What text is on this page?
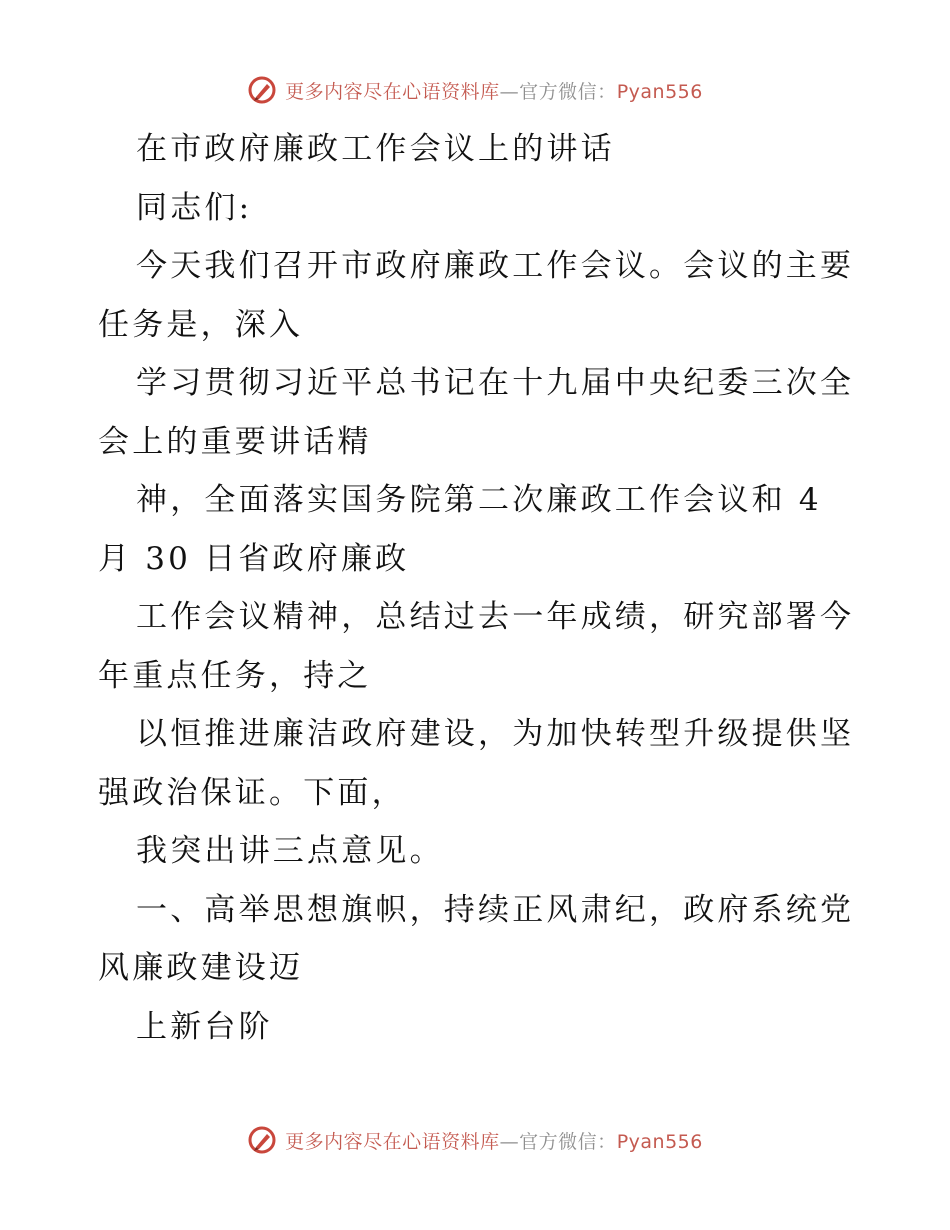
更多内容尽在心语资料库—官方微信：Pyan556
在市政府廉政工作会议上的讲话
同志们:
今天我们召开市政府廉政工作会议。会议的主要
任务是，深入
学习贯彻习近平总书记在十九届中央纪委三次全
会上的重要讲话精
神，全面落实国务院第二次廉政工作会议和 4
月 30 日省政府廉政
工作会议精神，总结过去一年成绩，研究部署今
年重点任务，持之
以恒推进廉洁政府建设，为加快转型升级提供坚
强政治保证。下面，
我突出讲三点意见。
一、高举思想旗帜，持续正风肃纪，政府系统党
风廉政建设迈
上新台阶
更多内容尽在心语资料库—官方微信：Pyan556
